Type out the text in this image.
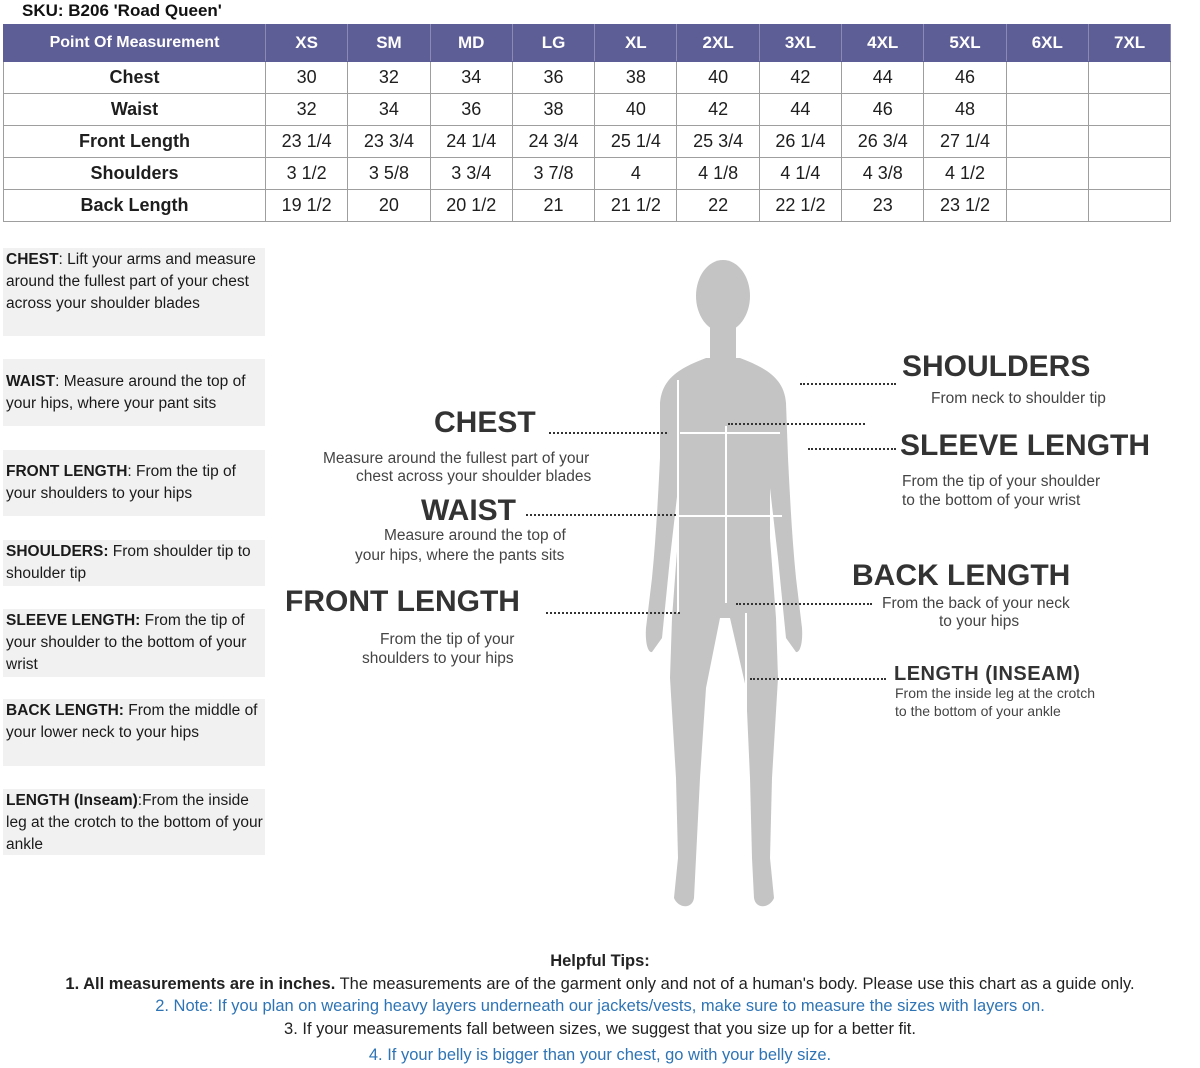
SKU: B206 'Road Queen'
Point Of Measurement	XS	SM	MD	LG	XL	2XL	3XL	4XL	5XL	6XL	7XL
Chest	30	32	34	36	38	40	42	44	46		
Waist	32	34	36	38	40	42	44	46	48		
Front Length	23 1/4	23 3/4	24 1/4	24 3/4	25 1/4	25 3/4	26 1/4	26 3/4	27 1/4		
Shoulders	3 1/2	3 5/8	3 3/4	3 7/8	4	4 1/8	4 1/4	4 3/8	4 1/2		
Back Length	19 1/2	20	20 1/2	21	21 1/2	22	22 1/2	23	23 1/2		
CHEST: Lift your arms and measure around the fullest part of your chest across your shoulder blades
WAIST: Measure around the top of your hips, where your pant sits
FRONT LENGTH: From the tip of your shoulders to your hips
SHOULDERS: From shoulder tip to shoulder tip
SLEEVE LENGTH: From the tip of your shoulder to the bottom of your wrist
BACK LENGTH: From the middle of your lower neck to your hips
LENGTH (Inseam):From the inside leg at the crotch to the bottom of your ankle
SHOULDERS
From neck to shoulder tip
CHEST
Measure around the fullest part of your
chest across your shoulder blades
SLEEVE LENGTH
From the tip of your shoulder
to the bottom of your wrist
WAIST
Measure around the top of
your hips, where the pants sits
BACK LENGTH
From the back of your neck
to your hips
FRONT LENGTH
From the tip of your
shoulders to your hips
LENGTH (INSEAM)
From the inside leg at the crotch
to the bottom of your ankle
Helpful Tips:
1. All measurements are in inches. The measurements are of the garment only and not of a human's body. Please use this chart as a guide only.
2. Note: If you plan on wearing heavy layers underneath our jackets/vests, make sure to measure the sizes with layers on.
3. If your measurements fall between sizes, we suggest that you size up for a better fit.
4. If your belly is bigger than your chest, go with your belly size.
